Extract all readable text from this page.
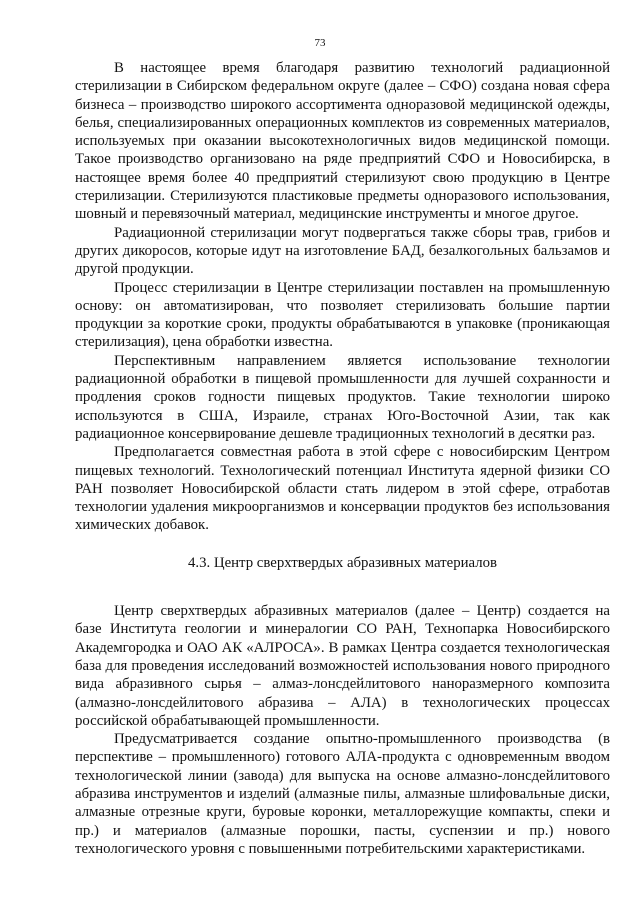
73

В настоящее время благодаря развитию технологий радиационной стерилизации в Сибирском федеральном округе (далее – СФО) создана новая сфера бизнеса – производство широкого ассортимента одноразовой медицинской одежды, белья, специализированных операционных комплектов из современных материалов, используемых при оказании высокотехнологичных видов медицинской помощи. Такое производство организовано на ряде предприятий СФО и Новосибирска, в настоящее время более 40 предприятий стерилизуют свою продукцию в Центре стерилизации. Стерилизуются пластиковые предметы одноразового использования, шовный и перевязочный материал, медицинские инструменты и многое другое.

Радиационной стерилизации могут подвергаться также сборы трав, грибов и других дикоросов, которые идут на изготовление БАД, безалкогольных бальзамов и другой продукции.

Процесс стерилизации в Центре стерилизации поставлен на промышленную основу: он автоматизирован, что позволяет стерилизовать большие партии продукции за короткие сроки, продукты обрабатываются в упаковке (проникающая стерилизация), цена обработки известна.

Перспективным направлением является использование технологии радиационной обработки в пищевой промышленности для лучшей сохранности и продления сроков годности пищевых продуктов. Такие технологии широко используются в США, Израиле, странах Юго-Восточной Азии, так как радиационное консервирование дешевле традиционных технологий в десятки раз.

Предполагается совместная работа в этой сфере с новосибирским Центром пищевых технологий. Технологический потенциал Института ядерной физики СО РАН позволяет Новосибирской области стать лидером в этой сфере, отработав технологии удаления микроорганизмов и консервации продуктов без использования химических добавок.

4.3. Центр сверхтвердых абразивных материалов

Центр сверхтвердых абразивных материалов (далее – Центр) создается на базе Института геологии и минералогии СО РАН, Технопарка Новосибирского Академгородка и ОАО АК «АЛРОСА». В рамках Центра создается технологическая база для проведения исследований возможностей использования нового природного вида абразивного сырья – алмаз-лонсдейлитового наноразмерного композита (алмазно-лонсдейлитового абразива – АЛА) в технологических процессах российской обрабатывающей промышленности.

Предусматривается создание опытно-промышленного производства (в перспективе – промышленного) готового АЛА-продукта с одновременным вводом технологической линии (завода) для выпуска на основе алмазно-лонсдейлитового абразива инструментов и изделий (алмазные пилы, алмазные шлифовальные диски, алмазные отрезные круги, буровые коронки, металлорежущие компакты, спеки и пр.) и материалов (алмазные порошки, пасты, суспензии и пр.) нового технологического уровня с повышенными потребительскими характеристиками.
